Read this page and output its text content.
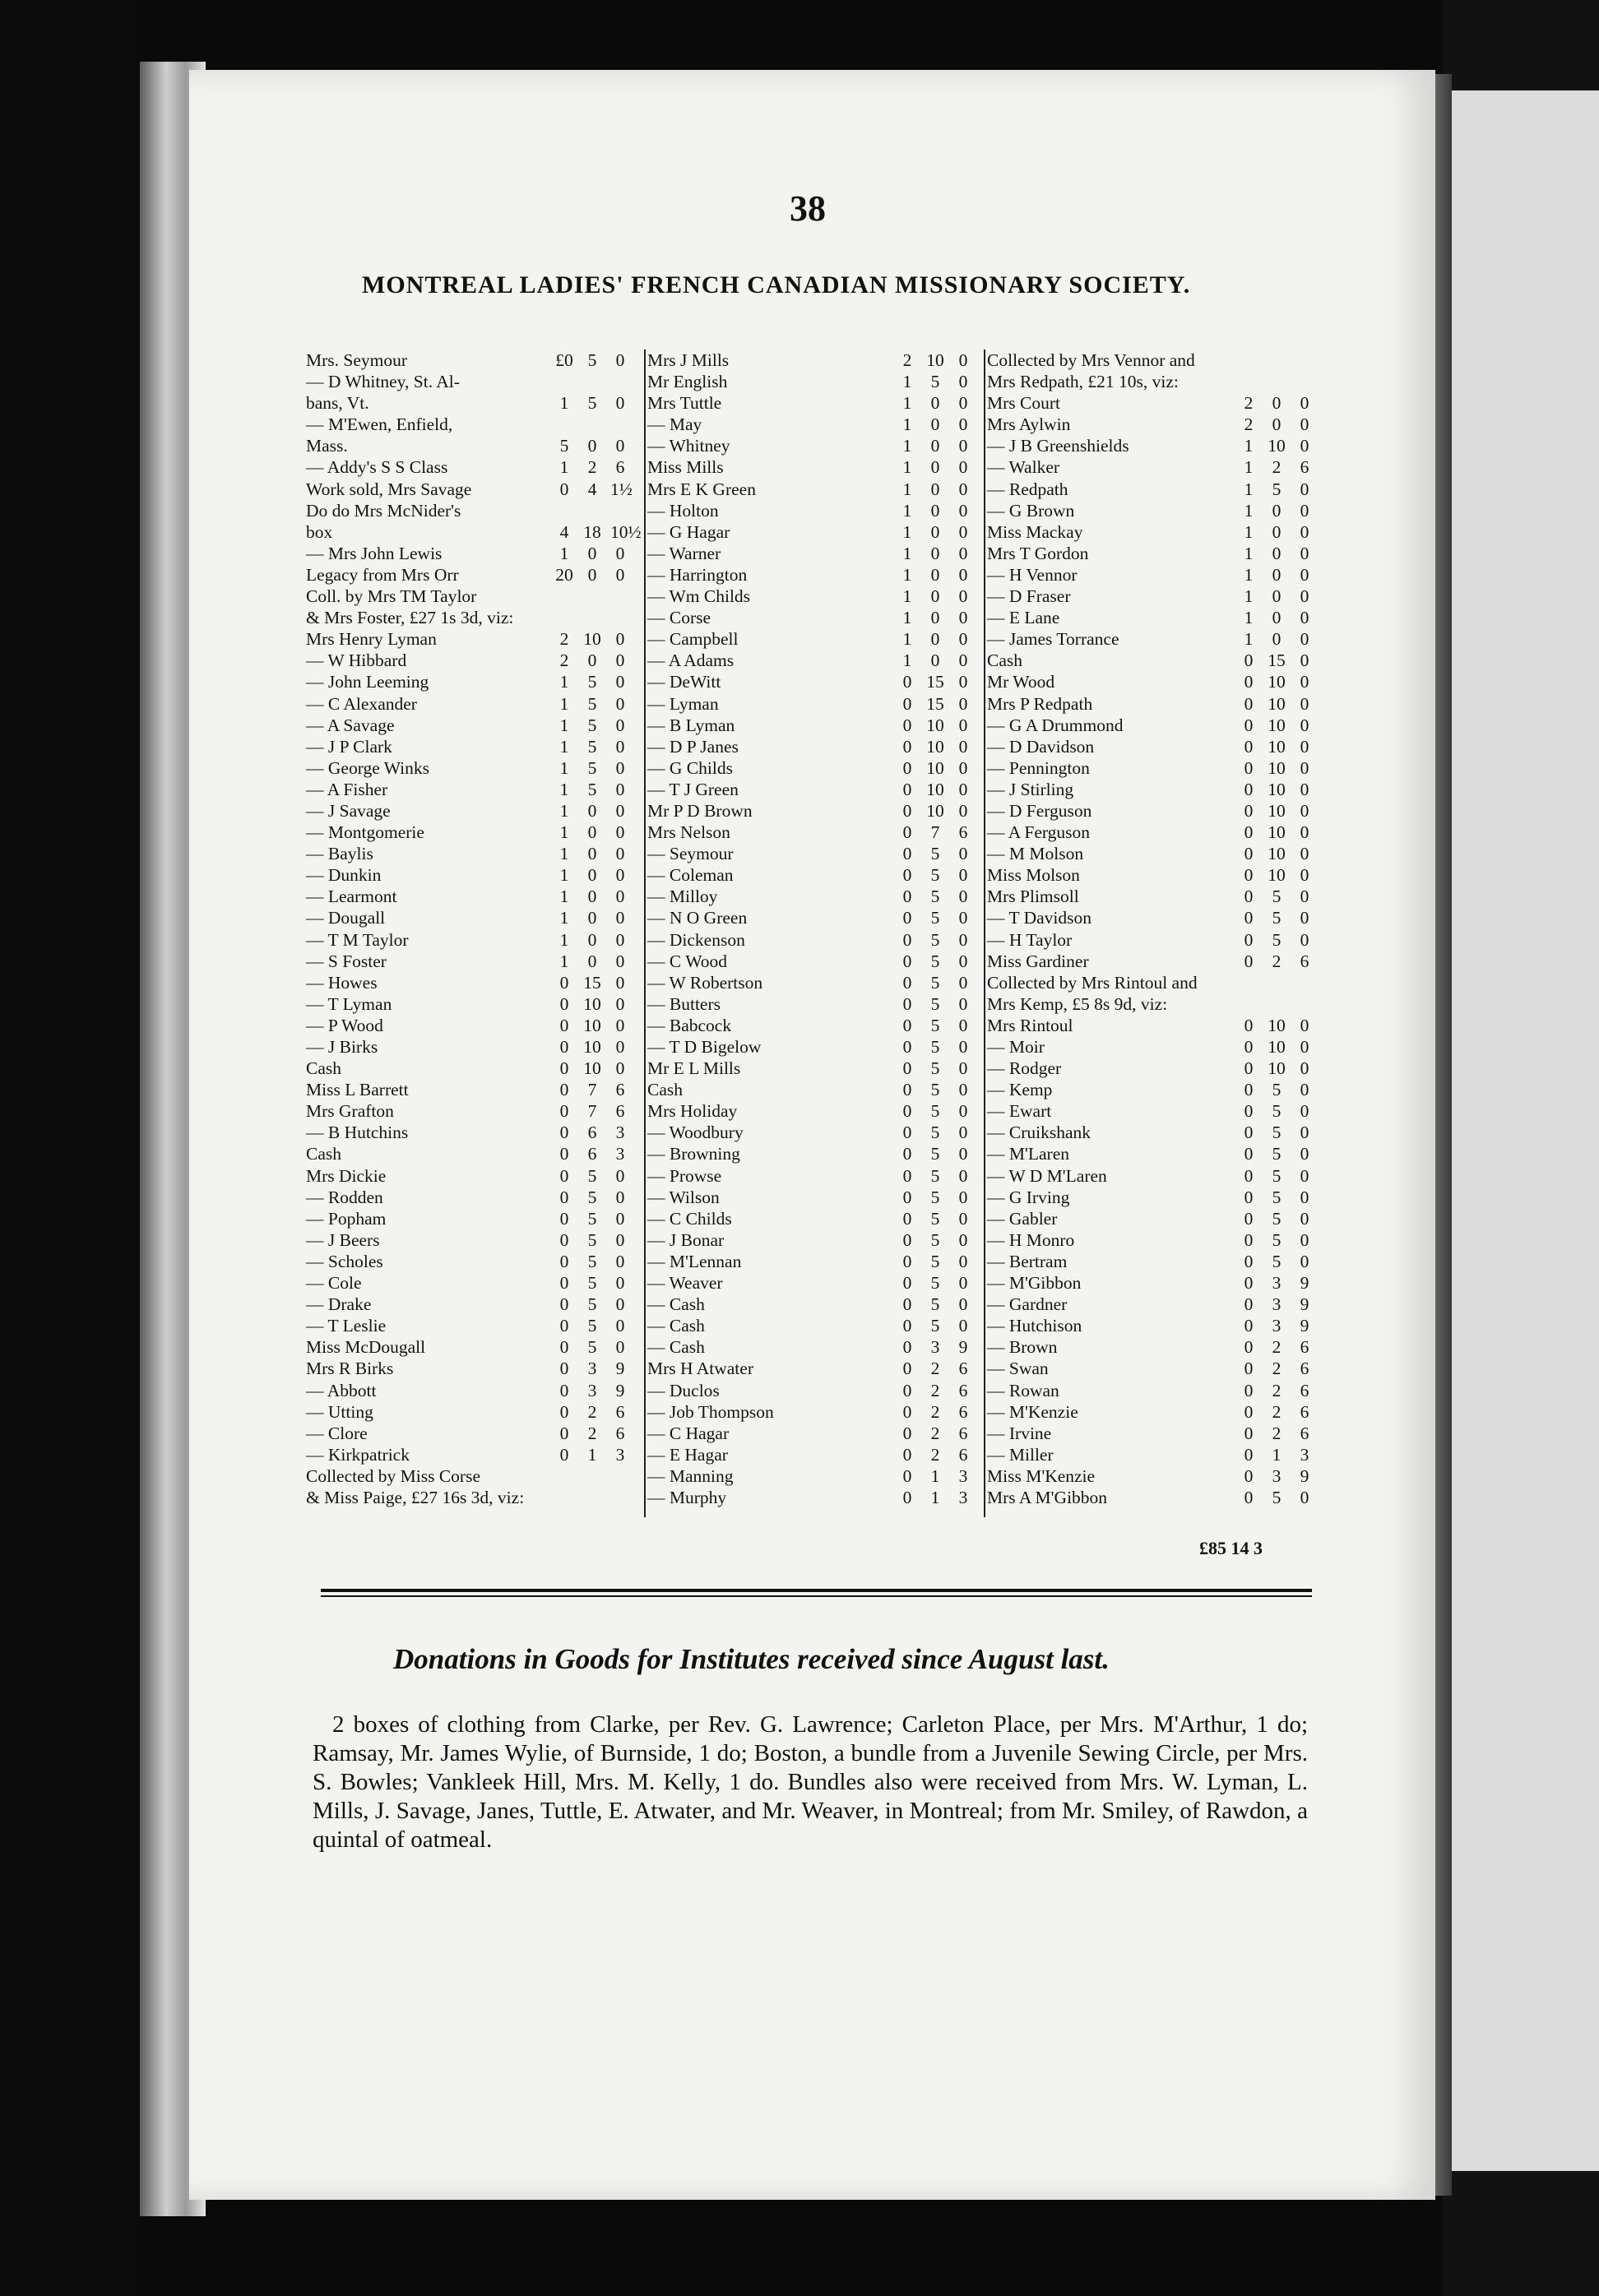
38
MONTREAL LADIES' FRENCH CANADIAN MISSIONARY SOCIETY.
Mrs. Seymour	£0 5	0
— D Whitney, St. Al-
bans, Vt.	1	5	0
— M'Ewen, Enfield,
Mass.	5	0	0
— Addy's S S Class	1	2	6
Work sold, Mrs Savage	0	4 1½
Do do Mrs McNider's
box	4 18 10½
— Mrs John Lewis	1	0	0
Legacy from Mrs Orr	20 0	0
Coll. by Mrs TM Taylor
& Mrs Foster, £27 1s 3d, viz:
Mrs Henry Lyman	2 10 0
— W Hibbard	2	0	0
— John Leeming	1	5	0
— C Alexander	1	5	0
— A Savage	1	5	0
— J P Clark	1	5	0
— George Winks	1	5	0
— A Fisher	1	5	0
— J Savage	1	0	0
— Montgomerie	1	0	0
— Baylis	1	0	0
— Dunkin	1	0	0
— Learmont	1	0	0
— Dougall	1	0	0
— T M Taylor	1	0	0
— S Foster	1	0	0
— Howes	0 15 0
— T Lyman	0 10 0
— P Wood	0 10 0
— J Birks	0 10 0
Cash	0 10 0
Miss L Barrett	0	7	6
Mrs Grafton	0	7	6
— B Hutchins	0	6	3
Cash	0	6	3
Mrs Dickie	0	5	0
— Rodden	0	5	0
— Popham	0	5	0
— J Beers	0	5	0
— Scholes	0	5	0
— Cole	0	5	0
— Drake	0	5	0
— T Leslie	0	5	0
Miss McDougall	0	5	0
Mrs R Birks	0	3	9
— Abbott	0	3	9
— Utting	0	2	6
— Clore	0	2	6
— Kirkpatrick	0	1	3
Collected by Miss Corse
& Miss Paige, £27 16s 3d, viz:
Mrs J Mills	2 10 0
Mr English	1	5	0
Mrs Tuttle	1	0	0
— May	1	0	0
— Whitney	1	0	0
Miss Mills	1	0	0
Mrs E K Green	1	0	0
— Holton	1	0	0
— G Hagar	1	0	0
— Warner	1	0	0
— Harrington	1	0	0
— Wm Childs	1	0	0
— Corse	1	0	0
— Campbell	1	0	0
— A Adams	1	0	0
— DeWitt	0 15 0
— Lyman	0 15 0
— B Lyman	0 10 0
— D P Janes	0 10 0
— G Childs	0 10 0
— T J Green	0 10 0
Mr P D Brown	0 10 0
Mrs Nelson	0	7	6
— Seymour	0	5	0
— Coleman	0	5	0
— Milloy	0	5	0
— N O Green	0	5	0
— Dickenson	0	5	0
— C Wood	0	5	0
— W Robertson	0	5	0
— Butters	0	5	0
— Babcock	0	5	0
— T D Bigelow	0	5	0
Mr E L Mills	0	5	0
Cash	0	5	0
Mrs Holiday	0	5	0
— Woodbury	0	5	0
— Browning	0	5	0
— Prowse	0	5	0
— Wilson	0	5	0
— C Childs	0	5	0
— J Bonar	0	5	0
— M'Lennan	0	5	0
— Weaver	0	5	0
— Cash	0	5	0
— Cash	0	5	0
— Cash	0	3	9
Mrs H Atwater	0	2	6
— Duclos	0	2	6
— Job Thompson	0	2	6
— C Hagar	0	2	6
— E Hagar	0	2	6
— Manning	0	1	3
— Murphy	0	1	3
Collected by Mrs Vennor and
Mrs Redpath, £21 10s, viz:
Mrs Court	2	0	0
Mrs Aylwin	2	0	0
— J B Greenshields	1 10 0
— Walker	1	2	6
— Redpath	1	5	0
— G Brown	1	0	0
Miss Mackay	1	0	0
Mrs T Gordon	1	0	0
— H Vennor	1	0	0
— D Fraser	1	0	0
— E Lane	1	0	0
— James Torrance	1	0	0
Cash	0 15 0
Mr Wood	0 10 0
Mrs P Redpath	0 10 0
— G A Drummond	0 10 0
— D Davidson	0 10 0
— Pennington	0 10 0
— J Stirling	0 10 0
— D Ferguson	0 10 0
— A Ferguson	0 10 0
— M Molson	0 10 0
Miss Molson	0 10 0
Mrs Plimsoll	0	5	0
— T Davidson	0	5	0
— H Taylor	0	5	0
Miss Gardiner	0	2	6
Collected by Mrs Rintoul and
Mrs Kemp, £5 8s 9d, viz:
Mrs Rintoul	0 10 0
— Moir	0 10 0
— Rodger	0 10 0
— Kemp	0	5	0
— Ewart	0	5	0
— Cruikshank	0	5	0
— M'Laren	0	5	0
— W D M'Laren	0	5	0
— G Irving	0	5	0
— Gabler	0	5	0
— H Monro	0	5	0
— Bertram	0	5	0
— M'Gibbon	0	3	9
— Gardner	0	3	9
— Hutchison	0	3	9
— Brown	0	2	6
— Swan	0	2	6
— Rowan	0	2	6
— M'Kenzie	0	2	6
— Irvine	0	2	6
— Miller	0	1	3
Miss M'Kenzie	0	3	9
Mrs A M'Gibbon	0	5	0
£85 14 3
Donations in Goods for Institutes received since August last.

2 boxes of clothing from Clarke, per Rev. G. Lawrence; Carleton Place, per Mrs. M'Arthur, 1 do; Ramsay, Mr. James Wylie, of Burnside, 1 do; Boston, a bundle from a Juvenile Sewing Circle, per Mrs. S. Bowles; Vankleek Hill, Mrs. M. Kelly, 1 do. Bundles also were received from Mrs. W. Lyman, L. Mills, J. Savage, Janes, Tuttle, E. Atwater, and Mr. Weaver, in Montreal; from Mr. Smiley, of Rawdon, a quintal of oatmeal.
